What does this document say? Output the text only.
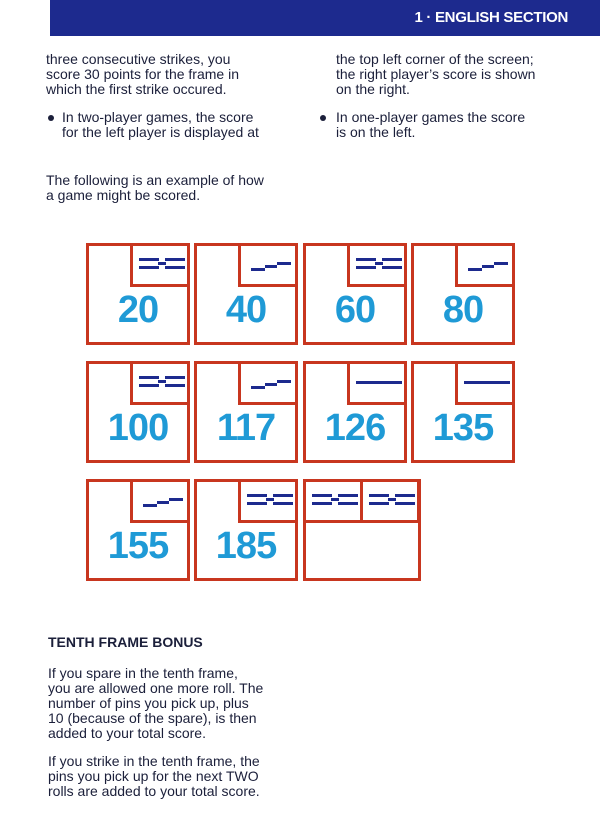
1 · ENGLISH SECTION
three consecutive strikes, you
score 30 points for the frame in
which the first strike occured.
In two-player games, the score
for the left player is displayed at
The following is an example of how
a game might be scored.
the top left corner of the screen;
the right player’s score is shown
on the right.
In one-player games the score
is on the left.
20	40	60	80
100	117	126	135
155	185
TENTH FRAME BONUS
If you spare in the tenth frame,
you are allowed one more roll. The
number of pins you pick up, plus
10 (because of the spare), is then
added to your total score.
If you strike in the tenth frame, the
pins you pick up for the next TWO
rolls are added to your total score.
